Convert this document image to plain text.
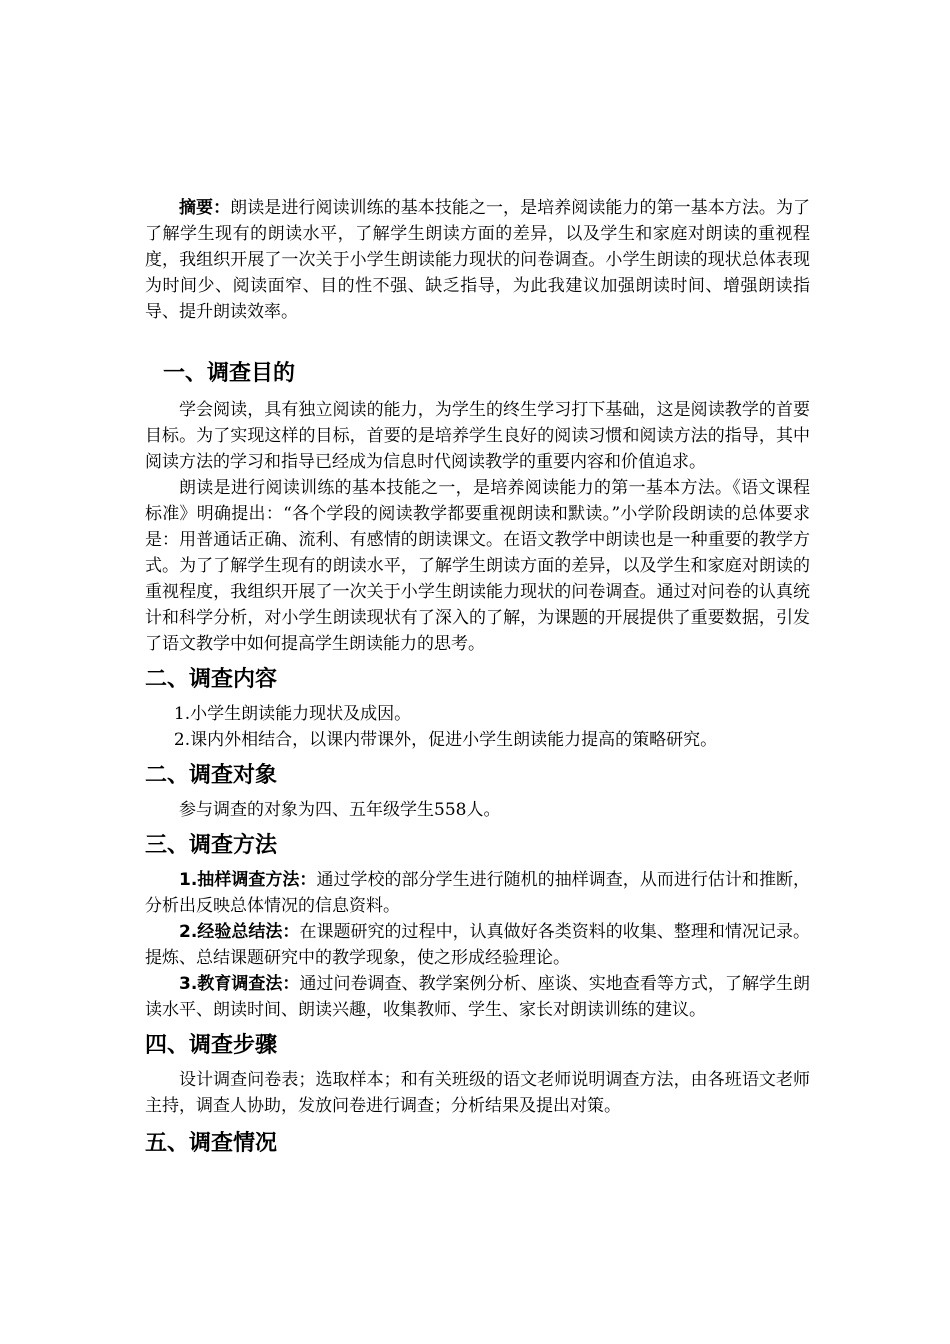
摘要：朗读是进行阅读训练的基本技能之一，是培养阅读能力的第一基本方法。为了了解学生现有的朗读水平，了解学生朗读方面的差异，以及学生和家庭对朗读的重视程度，我组织开展了一次关于小学生朗读能力现状的问卷调查。小学生朗读的现状总体表现为时间少、阅读面窄、目的性不强、缺乏指导，为此我建议加强朗读时间、增强朗读指导、提升朗读效率。

一、调查目的

学会阅读，具有独立阅读的能力，为学生的终生学习打下基础，这是阅读教学的首要目标。为了实现这样的目标，首要的是培养学生良好的阅读习惯和阅读方法的指导，其中阅读方法的学习和指导已经成为信息时代阅读教学的重要内容和价值追求。

朗读是进行阅读训练的基本技能之一，是培养阅读能力的第一基本方法。《语文课程标准》明确提出：“各个学段的阅读教学都要重视朗读和默读。”小学阶段朗读的总体要求是：用普通话正确、流利、有感情的朗读课文。在语文教学中朗读也是一种重要的教学方式。为了了解学生现有的朗读水平，了解学生朗读方面的差异，以及学生和家庭对朗读的重视程度，我组织开展了一次关于小学生朗读能力现状的问卷调查。通过对问卷的认真统计和科学分析，对小学生朗读现状有了深入的了解，为课题的开展提供了重要数据，引发了语文教学中如何提高学生朗读能力的思考。

二、调查内容

1.小学生朗读能力现状及成因。

2.课内外相结合，以课内带课外，促进小学生朗读能力提高的策略研究。

二、调查对象

参与调查的对象为四、五年级学生558人。

三、调查方法

1.抽样调查方法：通过学校的部分学生进行随机的抽样调查，从而进行估计和推断，分析出反映总体情况的信息资料。

2.经验总结法：在课题研究的过程中，认真做好各类资料的收集、整理和情况记录。提炼、总结课题研究中的教学现象，使之形成经验理论。

3.教育调查法：通过问卷调查、教学案例分析、座谈、实地查看等方式，了解学生朗读水平、朗读时间、朗读兴趣，收集教师、学生、家长对朗读训练的建议。

四、调查步骤

设计调查问卷表；选取样本；和有关班级的语文老师说明调查方法，由各班语文老师主持，调查人协助，发放问卷进行调查；分析结果及提出对策。

五、调查情况
